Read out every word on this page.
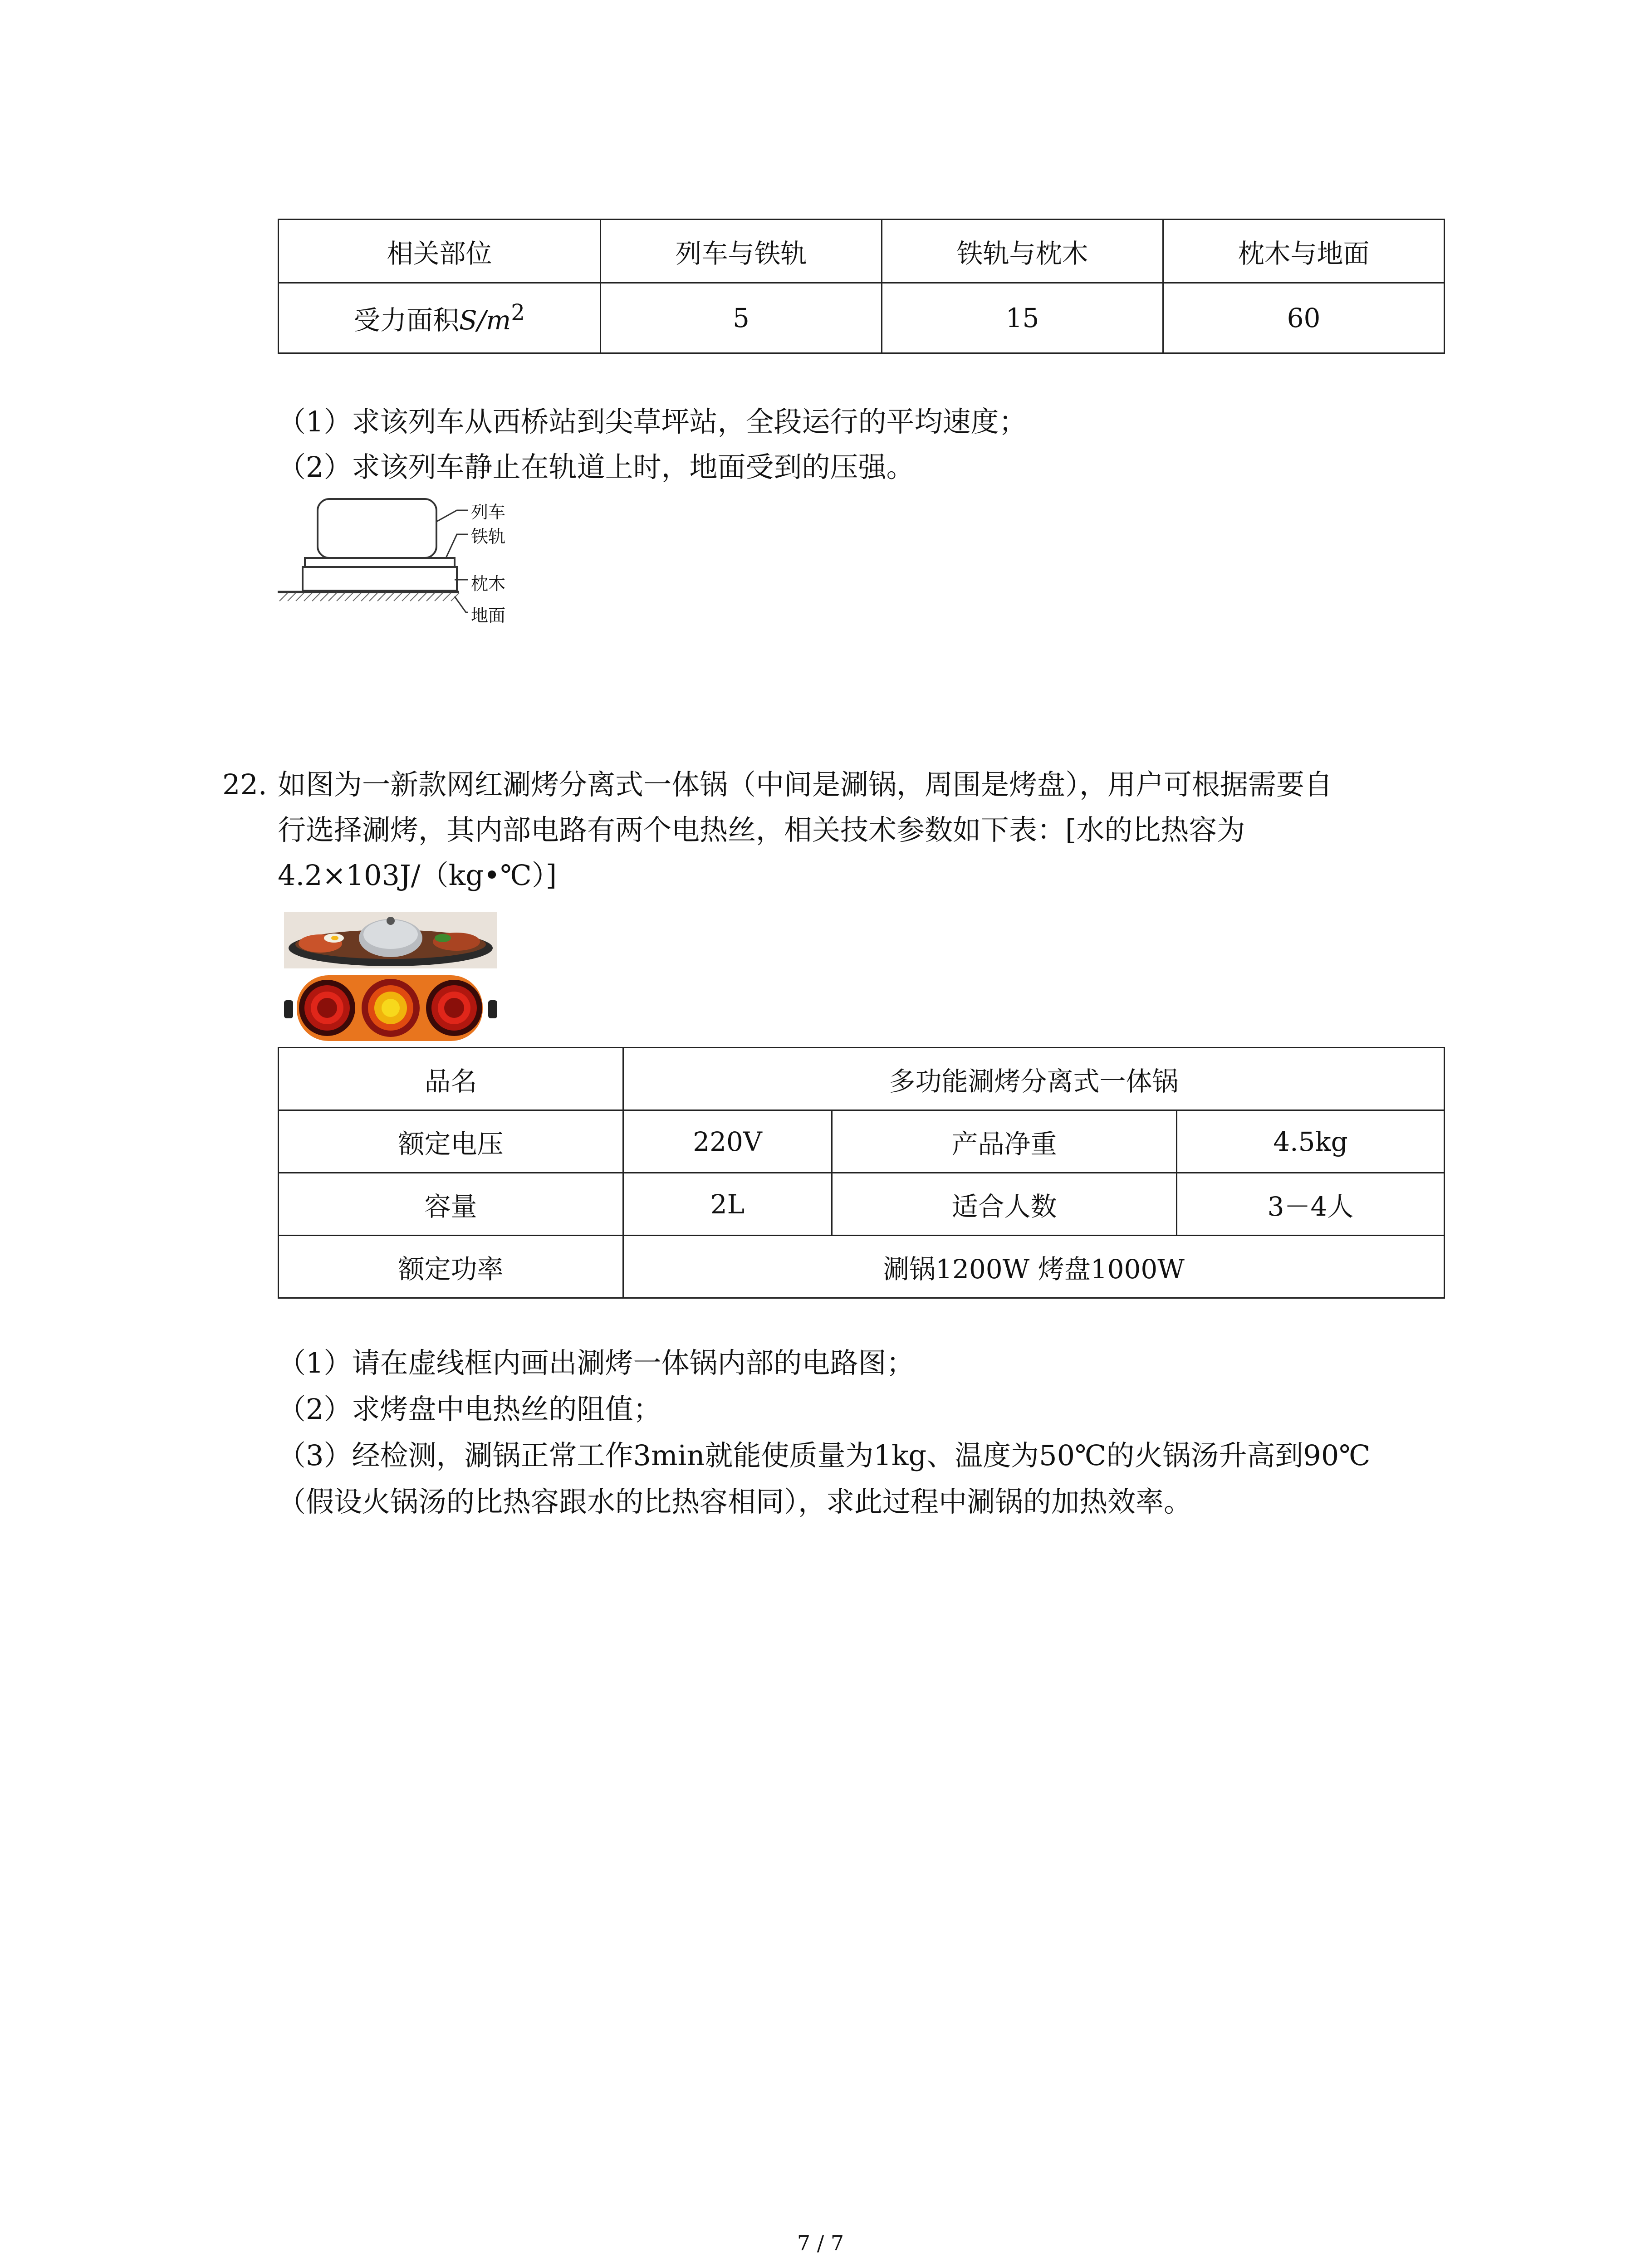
相关部位	列车与铁轨	铁轨与枕木	枕木与地面
受力面积$S/m^2$	5	15	60
（1）求该列车从西桥站到尖草坪站，全段运行的平均速度；
（2）求该列车静止在轨道上时，地面受到的压强。
列车
铁轨
枕木
地面
22. 如图为一新款网红涮烤分离式一体锅（中间是涮锅，周围是烤盘），用户可根据需要自
行选择涮烤，其内部电路有两个电热丝，相关技术参数如下表：[水的比热容为
4.2×103J/（kg•℃）]
品名	多功能涮烤分离式一体锅		
额定电压	220V	产品净重	4.5kg
容量	2L	适合人数	3－4人
额定功率	涮锅1200W 烤盘1000W		
（1）请在虚线框内画出涮烤一体锅内部的电路图；
（2）求烤盘中电热丝的阻值；
（3）经检测，涮锅正常工作3min就能使质量为1kg、温度为50℃的火锅汤升高到90℃
（假设火锅汤的比热容跟水的比热容相同），求此过程中涮锅的加热效率。
7 / 7
